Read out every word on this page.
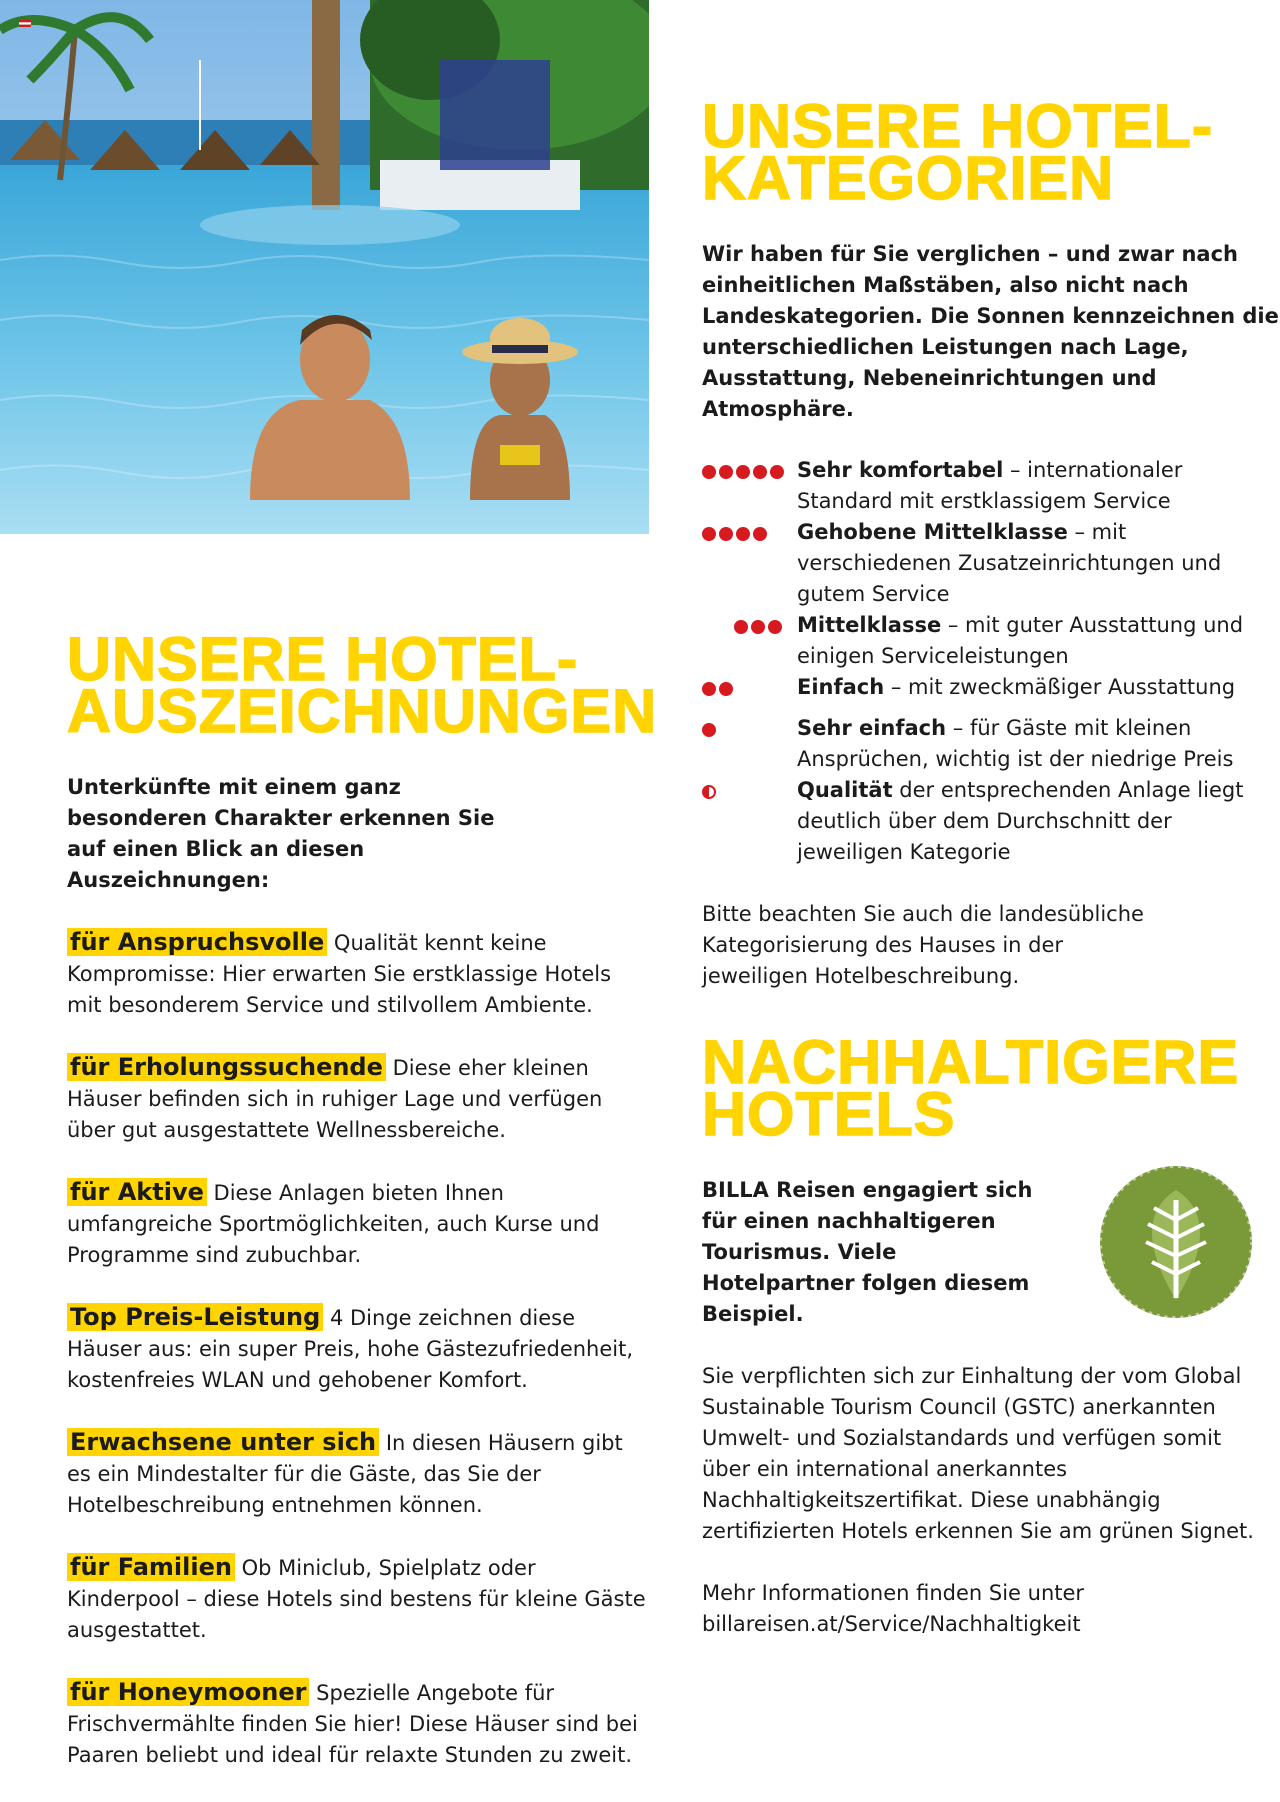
UNSERE HOTEL-
KATEGORIEN

Wir haben für Sie verglichen – und zwar nach einheitlichen Maßstäben, also nicht nach Landeskategorien. Die Sonnen kennzeichnen die unterschiedlichen Leistungen nach Lage, Ausstattung, Nebeneinrichtungen und Atmosphäre.

Sehr komfortabel – internationaler Standard mit erstklassigem Service
Gehobene Mittelklasse – mit verschiedenen Zusatzeinrichtungen und gutem Service
Mittelklasse – mit guter Ausstattung und einigen Serviceleistungen
Einfach – mit zweckmäßiger Ausstattung
Sehr einfach – für Gäste mit kleinen Ansprüchen, wichtig ist der niedrige Preis
Qualität der entsprechenden Anlage liegt deutlich über dem Durchschnitt der jeweiligen Kategorie

Bitte beachten Sie auch die landesübliche Kategorisierung des Hauses in der jeweiligen Hotelbeschreibung.

NACHHALTIGERE
HOTELS

BILLA Reisen engagiert sich für einen nachhaltigeren Tourismus. Viele Hotelpartner folgen diesem Beispiel.

Sie verpflichten sich zur Einhaltung der vom Global Sustainable Tourism Council (GSTC) anerkannten Umwelt- und Sozialstandards und verfügen somit über ein international anerkanntes Nachhaltigkeitszertifikat. Diese unabhängig zertifizierten Hotels erkennen Sie am grünen Signet.

Mehr Informationen finden Sie unter

billareisen.at/Service/Nachhaltigkeit

UNSERE HOTEL-
AUSZEICHNUNGEN

Unterkünfte mit einem ganz besonderen Charakter erkennen Sie auf einen Blick an diesen Auszeichnungen:

für Anspruchsvolle Qualität kennt keine Kompromisse: Hier erwarten Sie erstklassige Hotels mit besonderem Service und stilvollem Ambiente.

für Erholungssuchende Diese eher kleinen Häuser befinden sich in ruhiger Lage und verfügen über gut ausgestattete Wellnessbereiche.

für Aktive Diese Anlagen bieten Ihnen umfangreiche Sportmöglichkeiten, auch Kurse und Programme sind zubuchbar.

Top Preis-Leistung 4 Dinge zeichnen diese Häuser aus: ein super Preis, hohe Gästezufriedenheit, kostenfreies WLAN und gehobener Komfort.

Erwachsene unter sich In diesen Häusern gibt es ein Mindestalter für die Gäste, das Sie der Hotelbeschreibung entnehmen können.

für Familien Ob Miniclub, Spielplatz oder Kinderpool – diese Hotels sind bestens für kleine Gäste ausgestattet.

für Honeymooner Spezielle Angebote für Frischvermählte finden Sie hier! Diese Häuser sind bei Paaren beliebt und ideal für relaxte Stunden zu zweit.
